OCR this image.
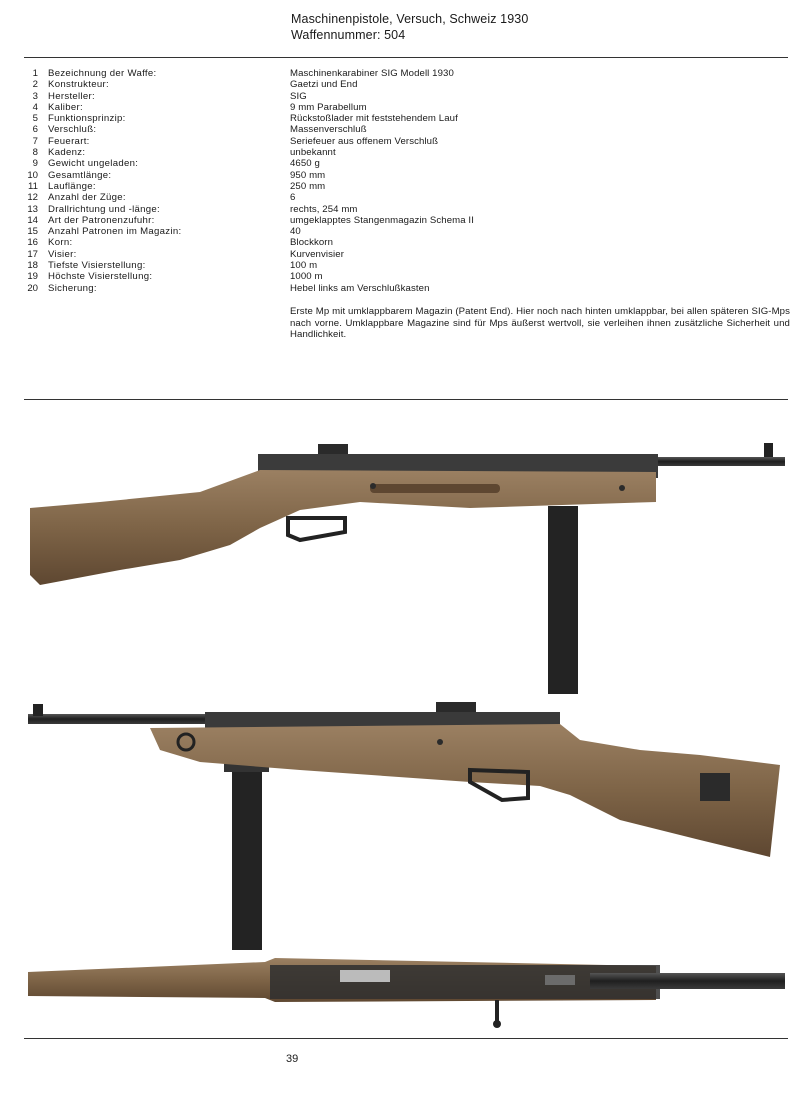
Maschinenpistole, Versuch, Schweiz 1930
Waffennummer: 504
1 Bezeichnung der Waffe:	Maschinenkarabiner SIG Modell 1930
2 Konstrukteur:	Gaetzi und End
3 Hersteller:	SIG
4 Kaliber:	9 mm Parabellum
5 Funktionsprinzip:	Rückstoßlader mit feststehendem Lauf
6 Verschluß:	Massenverschluß
7 Feuerart:	Seriefeuer aus offenem Verschluß
8 Kadenz:	unbekannt
9 Gewicht ungeladen:	4650 g
10 Gesamtlänge:	950 mm
11 Lauflänge:	250 mm
12 Anzahl der Züge:	6
13 Drallrichtung und -länge:	rechts, 254 mm
14 Art der Patronenzufuhr:	umgeklapptes Stangenmagazin Schema II
15 Anzahl Patronen im Magazin:	40
16 Korn:	Blockkorn
17 Visier:	Kurvenvisier
18 Tiefste Visierstellung:	100 m
19 Höchste Visierstellung:	1000 m
20 Sicherung:	Hebel links am Verschlußkasten
Erste Mp mit umklappbarem Magazin (Patent End). Hier noch nach hinten umklappbar, bei allen späteren SIG-Mps nach vorne. Umklappbare Magazine sind für Mps äußerst wertvoll, sie verleihen ihnen zusätzliche Sicherheit und Handlichkeit.
39
